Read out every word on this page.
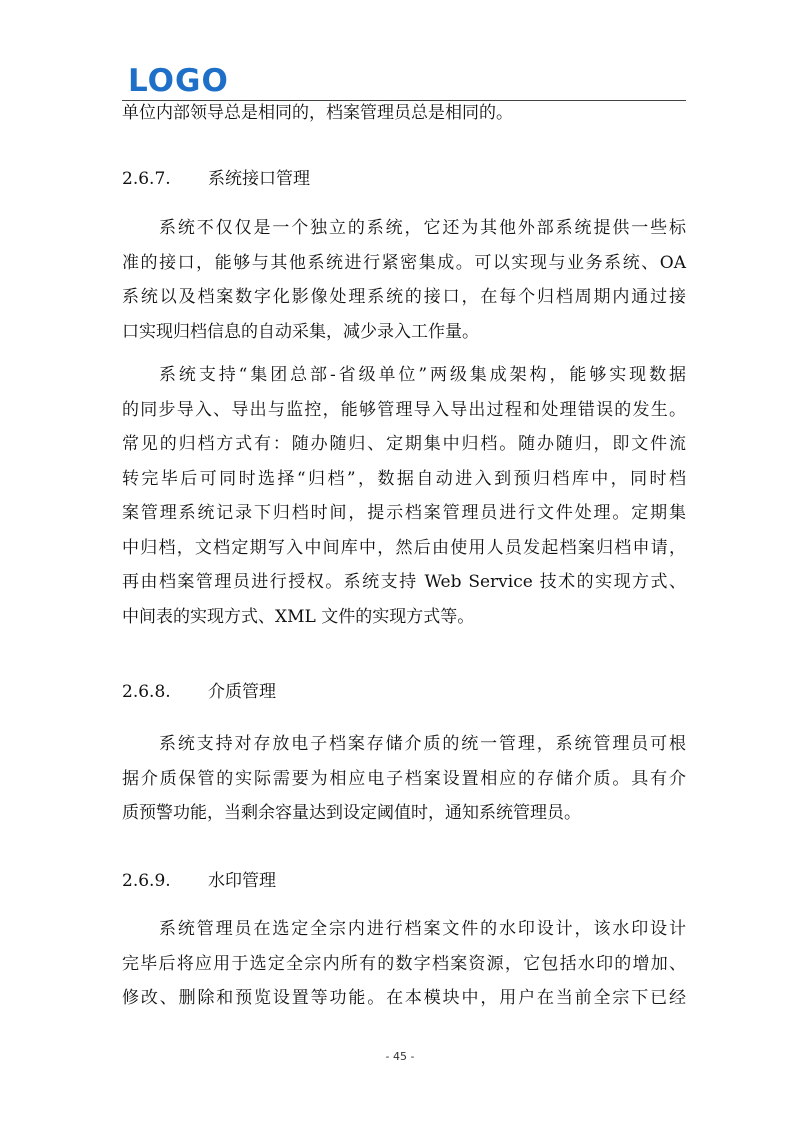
LOGO
单位内部领导总是相同的，档案管理员总是相同的。
2.6.7. 系统接口管理
系统不仅仅是一个独立的系统，它还为其他外部系统提供一些标
准的接口，能够与其他系统进行紧密集成。可以实现与业务系统、OA
系统以及档案数字化影像处理系统的接口，在每个归档周期内通过接
口实现归档信息的自动采集，减少录入工作量。
系统支持“集团总部-省级单位”两级集成架构，能够实现数据
的同步导入、导出与监控，能够管理导入导出过程和处理错误的发生。
常见的归档方式有：随办随归、定期集中归档。随办随归，即文件流
转完毕后可同时选择“归档”，数据自动进入到预归档库中，同时档
案管理系统记录下归档时间，提示档案管理员进行文件处理。定期集
中归档，文档定期写入中间库中，然后由使用人员发起档案归档申请，
再由档案管理员进行授权。系统支持 Web Service 技术的实现方式、
中间表的实现方式、XML 文件的实现方式等。
2.6.8. 介质管理
系统支持对存放电子档案存储介质的统一管理，系统管理员可根
据介质保管的实际需要为相应电子档案设置相应的存储介质。具有介
质预警功能，当剩余容量达到设定阈值时，通知系统管理员。
2.6.9. 水印管理
系统管理员在选定全宗内进行档案文件的水印设计，该水印设计
完毕后将应用于选定全宗内所有的数字档案资源，它包括水印的增加、
修改、删除和预览设置等功能。在本模块中，用户在当前全宗下已经
- 45 -
